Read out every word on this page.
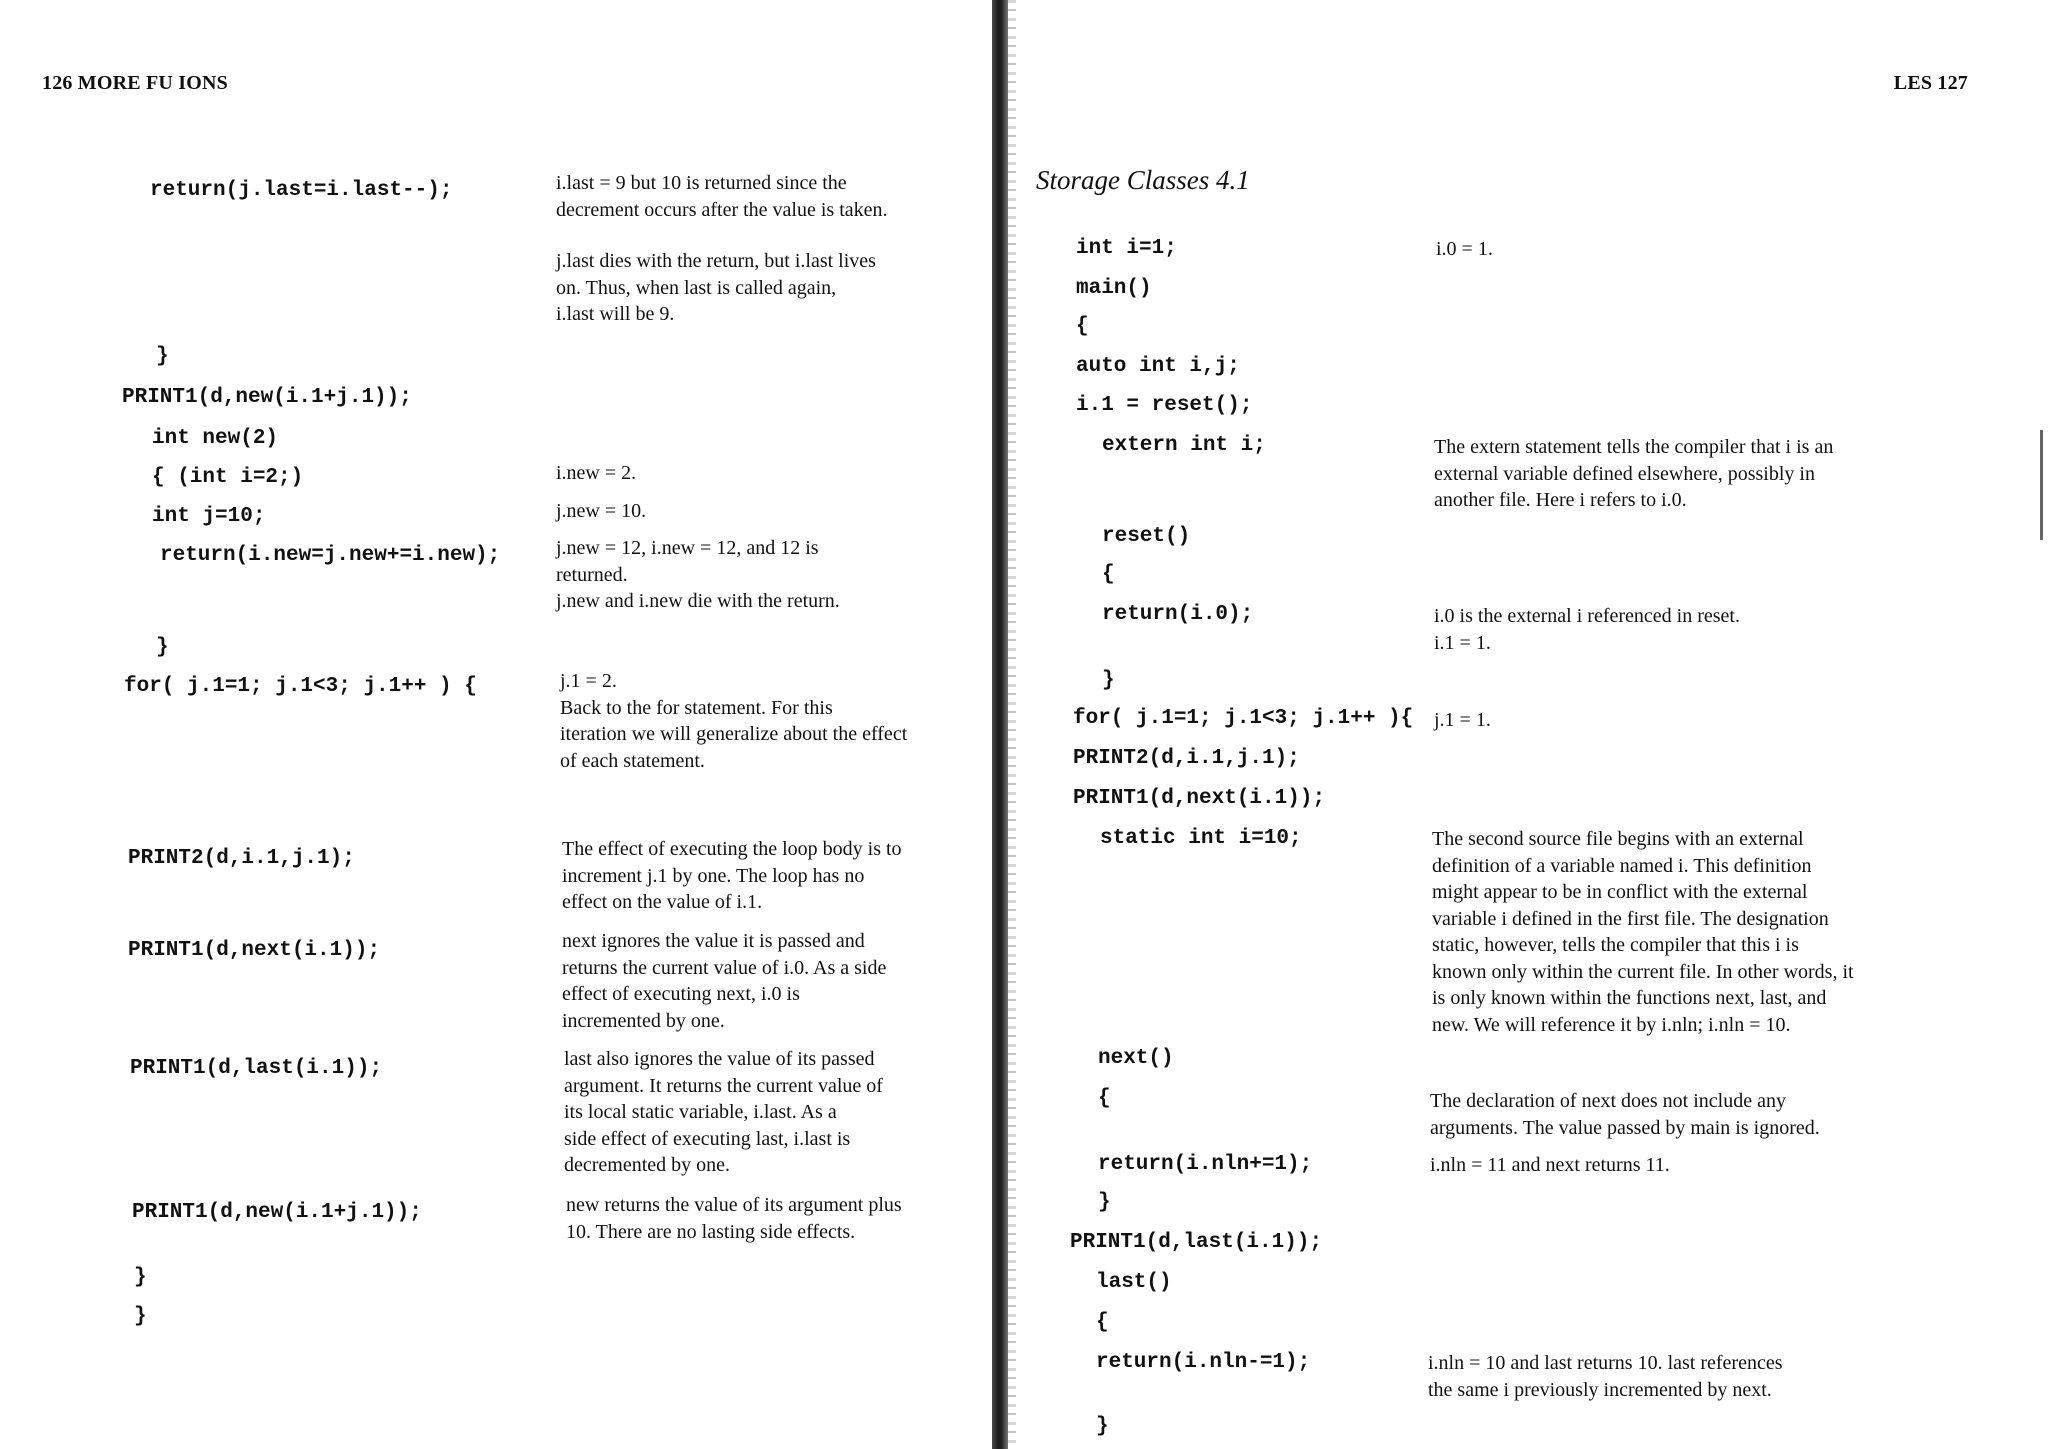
126 MORE FU IONS
return(j.last=i.last--);
}
PRINT1(d,new(i.1+j.1));
int new(2)
{ (int i=2;)
int j=10;
return(i.new=j.new+=i.new);
}
for( j.1=1; j.1<3; j.1++ ) {
PRINT2(d,i.1,j.1);
PRINT1(d,next(i.1));
PRINT1(d,last(i.1));
PRINT1(d,new(i.1+j.1));
}
}
i.last = 9 but 10 is returned since the
decrement occurs after the value is taken.
j.last dies with the return, but i.last lives
on. Thus, when last is called again,
i.last will be 9.
i.new = 2.
j.new = 10.
j.new = 12, i.new = 12, and 12 is
returned.
j.new and i.new die with the return.
j.1 = 2.
Back to the for statement. For this
iteration we will generalize about the effect
of each statement.
The effect of executing the loop body is to
increment j.1 by one. The loop has no
effect on the value of i.1.
next ignores the value it is passed and
returns the current value of i.0. As a side
effect of executing next, i.0 is
incremented by one.
last also ignores the value of its passed
argument. It returns the current value of
its local static variable, i.last. As a
side effect of executing last, i.last is
decremented by one.
new returns the value of its argument plus
10. There are no lasting side effects.
LES 127
Storage Classes 4.1
int i=1;
main()
{
auto int i,j;
i.1 = reset();
extern int i;
reset()
{
return(i.0);
}
for( j.1=1; j.1<3; j.1++ ){
PRINT2(d,i.1,j.1);
PRINT1(d,next(i.1));
static int i=10;
next()
{
return(i.nln+=1);
}
PRINT1(d,last(i.1));
last()
{
return(i.nln-=1);
}
i.0 = 1.
The extern statement tells the compiler that i is an
external variable defined elsewhere, possibly in
another file. Here i refers to i.0.
i.0 is the external i referenced in reset.
i.1 = 1.
j.1 = 1.
The second source file begins with an external
definition of a variable named i. This definition
might appear to be in conflict with the external
variable i defined in the first file. The designation
static, however, tells the compiler that this i is
known only within the current file. In other words, it
is only known within the functions next, last, and
new. We will reference it by i.nln; i.nln = 10.
The declaration of next does not include any
arguments. The value passed by main is ignored.
i.nln = 11 and next returns 11.
i.nln = 10 and last returns 10. last references
the same i previously incremented by next.
